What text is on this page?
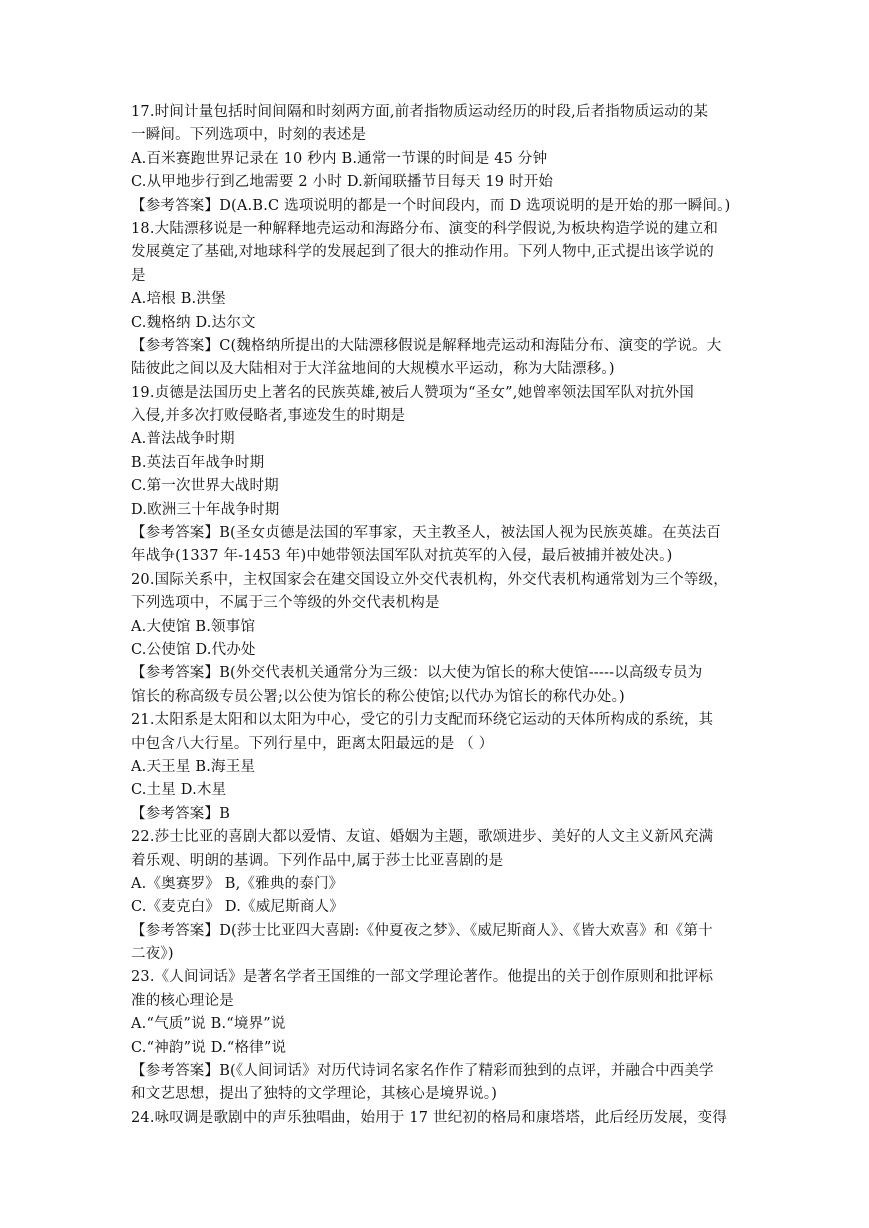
17.时间计量包括时间间隔和时刻两方面,前者指物质运动经历的时段,后者指物质运动的某
一瞬间。下列选项中，时刻的表述是
A.百米赛跑世界记录在 10 秒内 B.通常一节课的时间是 45 分钟
C.从甲地步行到乙地需要 2 小时 D.新闻联播节目每天 19 时开始
【参考答案】D(A.B.C 选项说明的都是一个时间段内，而 D 选项说明的是开始的那一瞬间。)
18.大陆漂移说是一种解释地壳运动和海路分布、演变的科学假说,为板块构造学说的建立和
发展奠定了基础,对地球科学的发展起到了很大的推动作用。下列人物中,正式提出该学说的
是
A.培根 B.洪堡
C.魏格纳 D.达尔文
【参考答案】C(魏格纳所提出的大陆漂移假说是解释地壳运动和海陆分布、演变的学说。大
陆彼此之间以及大陆相对于大洋盆地间的大规模水平运动，称为大陆漂移。)
19.贞德是法国历史上著名的民族英雄,被后人赞项为“圣女”,她曾率领法国军队对抗外国
入侵,并多次打败侵略者,事迹发生的时期是
A.普法战争时期
B.英法百年战争时期
C.第一次世界大战时期
D.欧洲三十年战争时期
【参考答案】B(圣女贞德是法国的军事家，天主教圣人，被法国人视为民族英雄。在英法百
年战争(1337 年-1453 年)中她带领法国军队对抗英军的入侵，最后被捕并被处决。)
20.国际关系中，主权国家会在建交国设立外交代表机构，外交代表机构通常划为三个等级，
下列选项中，不属于三个等级的外交代表机构是
A.大使馆 B.领事馆
C.公使馆 D.代办处
【参考答案】B(外交代表机关通常分为三级：以大使为馆长的称大使馆-----以高级专员为
馆长的称高级专员公署;以公使为馆长的称公使馆;以代办为馆长的称代办处。)
21.太阳系是太阳和以太阳为中心，受它的引力支配而环绕它运动的天体所构成的系统，其
中包含八大行星。下列行星中，距离太阳最远的是 （ ）
A.天王星 B.海王星
C.土星 D.木星
【参考答案】B
22.莎士比亚的喜剧大都以爱情、友谊、婚姻为主题，歌颂进步、美好的人文主义新风充满
着乐观、明朗的基调。下列作品中,属于莎士比亚喜剧的是
A.《奥赛罗》 B,《雅典的泰门》
C.《麦克白》 D.《威尼斯商人》
【参考答案】D(莎士比亚四大喜剧:《仲夏夜之梦》、《威尼斯商人》、《皆大欢喜》和《第十
二夜》)
23.《人间词话》是著名学者王国维的一部文学理论著作。他提出的关于创作原则和批评标
准的核心理论是
A.“气质”说 B.“境界”说
C.“神韵”说 D.“格律”说
【参考答案】B(《人间词话》对历代诗词名家名作作了精彩而独到的点评，并融合中西美学
和文艺思想，提出了独特的文学理论，其核心是境界说。)
24.咏叹调是歌剧中的声乐独唱曲，始用于 17 世纪初的格局和康塔塔，此后经历发展，变得
